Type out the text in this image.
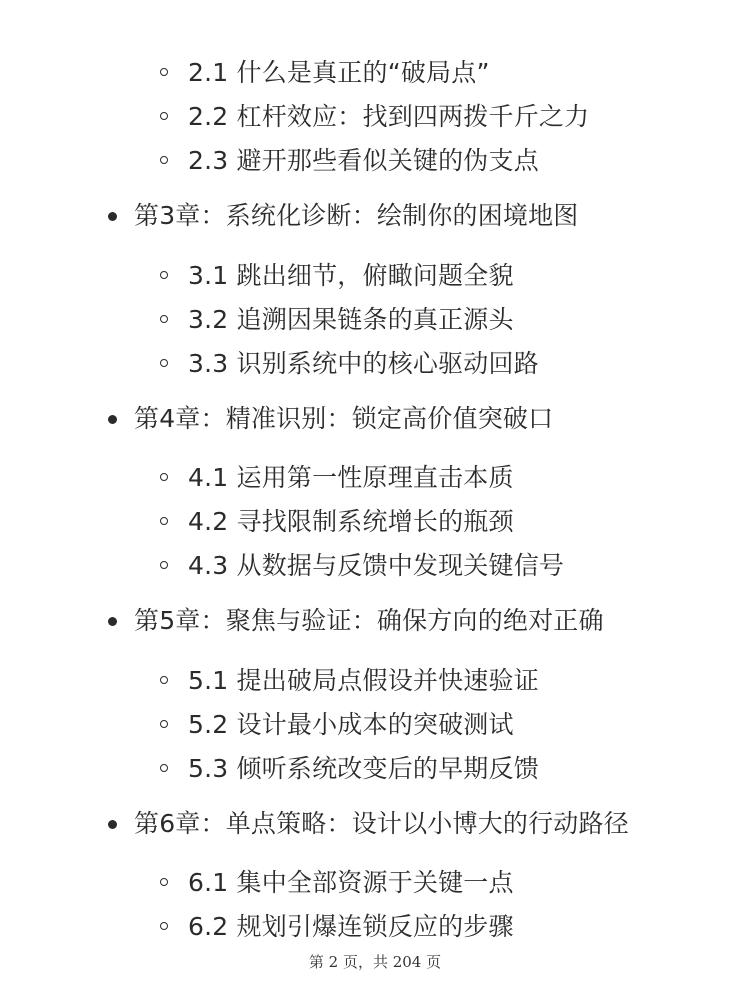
2.1 什么是真正的“破局点”
2.2 杠杆效应：找到四两拨千斤之力
2.3 避开那些看似关键的伪支点
第3章：系统化诊断：绘制你的困境地图
3.1 跳出细节，俯瞰问题全貌
3.2 追溯因果链条的真正源头
3.3 识别系统中的核心驱动回路
第4章：精准识别：锁定高价值突破口
4.1 运用第一性原理直击本质
4.2 寻找限制系统增长的瓶颈
4.3 从数据与反馈中发现关键信号
第5章：聚焦与验证：确保方向的绝对正确
5.1 提出破局点假设并快速验证
5.2 设计最小成本的突破测试
5.3 倾听系统改变后的早期反馈
第6章：单点策略：设计以小博大的行动路径
6.1 集中全部资源于关键一点
6.2 规划引爆连锁反应的步骤
第 2 页，共 204 页
